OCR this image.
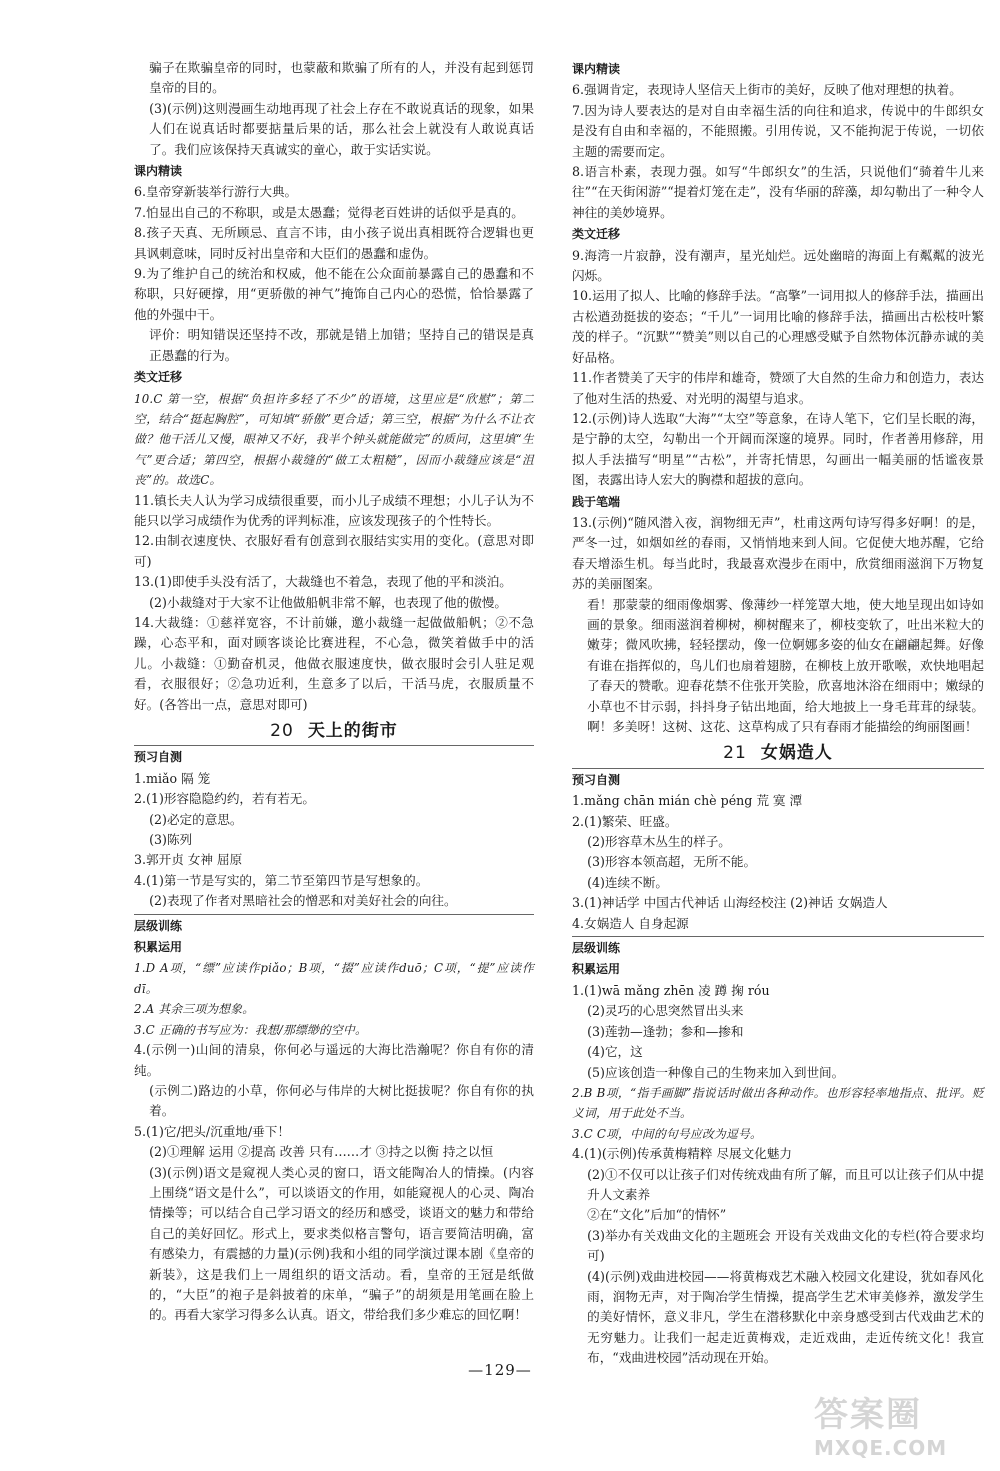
骗子在欺骗皇帝的同时，也蒙蔽和欺骗了所有的人，并没有起到惩罚皇帝的目的。

(3)(示例)这则漫画生动地再现了社会上存在不敢说真话的现象，如果人们在说真话时都要掂量后果的话，那么社会上就没有人敢说真话了。我们应该保持天真诚实的童心，敢于实话实说。

课内精读

6.皇帝穿新装举行游行大典。

7.怕显出自己的不称职，或是太愚蠢；觉得老百姓讲的话似乎是真的。

8.孩子天真、无所顾忌、直言不讳，由小孩子说出真相既符合逻辑也更具讽刺意味，同时反衬出皇帝和大臣们的愚蠢和虚伪。

9.为了维护自己的统治和权威，他不能在公众面前暴露自己的愚蠢和不称职，只好硬撑，用“更骄傲的神气”掩饰自己内心的恐慌，恰恰暴露了他的外强中干。

评价：明知错误还坚持不改，那就是错上加错；坚持自己的错误是真正愚蠢的行为。

类文迁移

10.C 第一空，根据“负担许多轻了不少”的语境，这里应是“欣慰”；第二空，结合“挺起胸腔”，可知填“骄傲”更合适；第三空，根据“为什么不让衣做？他干活儿又慢，眼神又不好，我半个钟头就能做完”的质问，这里填“生气”更合适；第四空，根据小裁缝的“做工太粗糙”，因而小裁缝应该是“沮丧”的。故选C。

11.镇长夫人认为学习成绩很重要，而小儿子成绩不理想；小儿子认为不能只以学习成绩作为优秀的评判标准，应该发现孩子的个性特长。

12.由制衣速度快、衣服好看有创意到衣服结实实用的变化。(意思对即可)

13.(1)即使手头没有活了，大裁缝也不着急，表现了他的平和淡泊。

(2)小裁缝对于大家不让他做船帆非常不解，也表现了他的傲慢。

14.大裁缝：①慈祥宽容，不计前嫌，邀小裁缝一起做做船帆；②不急躁，心态平和，面对顾客谈论比赛进程，不心急，微笑着做手中的活儿。小裁缝：①勤奋机灵，他做衣服速度快，做衣服时会引人驻足观看，衣服很好；②急功近利，生意多了以后，干活马虎，衣服质量不好。(各答出一点，意思对即可)

20 天上的街市
预习自测

1.miǎo 隔 笼

2.(1)形容隐隐约约，若有若无。

(2)必定的意思。

(3)陈列

3.郭开贞 女神 屈原

4.(1)第一节是写实的，第二节至第四节是写想象的。

(2)表现了作者对黑暗社会的憎恶和对美好社会的向往。

层级训练
积累运用

1.D A项，“缥”应读作piǎo；B项，“掇”应读作duō；C项，“提”应读作dī。

2.A 其余三项为想象。

3.C 正确的书写应为：我想/那缥缈的空中。

4.(示例一)山间的清泉，你何必与遥远的大海比浩瀚呢？你自有你的清纯。

(示例二)路边的小草，你何必与伟岸的大树比挺拔呢？你自有你的执着。

5.(1)它/把头/沉重地/垂下！

(2)①理解 运用 ②提高 改善 只有……才 ③持之以衡 持之以恒

(3)(示例)语文是窥视人类心灵的窗口，语文能陶冶人的情操。(内容上围绕“语文是什么”，可以谈语文的作用，如能窥视人的心灵、陶冶情操等；可以结合自己学习语文的经历和感受，谈语文的魅力和带给自己的美好回忆。形式上，要求类似格言警句，语言要简洁明确，富有感染力，有震撼的力量)(示例)我和小组的同学演过课本剧《皇帝的新装》，这是我们上一周组织的语文活动。看，皇帝的王冠是纸做的，“大臣”的袍子是斜披着的床单，“骗子”的胡须是用笔画在脸上的。再看大家学习得多么认真。语文，带给我们多少难忘的回忆啊！

课内精读

6.强调肯定，表现诗人坚信天上街市的美好，反映了他对理想的执着。

7.因为诗人要表达的是对自由幸福生活的向往和追求，传说中的牛郎织女是没有自由和幸福的，不能照搬。引用传说，又不能拘泥于传说，一切依主题的需要而定。

8.语言朴素，表现力强。如写“牛郎织女”的生活，只说他们“骑着牛儿来往”“在天街闲游”“提着灯笼在走”，没有华丽的辞藻，却勾勒出了一种令人神往的美妙境界。

类文迁移

9.海湾一片寂静，没有潮声，星光灿烂。远处幽暗的海面上有粼粼的波光闪烁。

10.运用了拟人、比喻的修辞手法。“高擎”一词用拟人的修辞手法，描画出古松遒劲挺拔的姿态；“千儿”一词用比喻的修辞手法，描画出古松枝叶繁茂的样子。“沉默”“赞美”则以自己的心理感受赋予自然物体沉静赤诚的美好品格。

11.作者赞美了天宇的伟岸和雄奇，赞颂了大自然的生命力和创造力，表达了他对生活的热爱、对光明的渴望与追求。

12.(示例)诗人选取“大海”“太空”等意象，在诗人笔下，它们呈长眠的海，是宁静的太空，勾勒出一个开阔而深邃的境界。同时，作者善用修辞，用拟人手法描写“明星”“古松”，并寄托情思，勾画出一幅美丽的恬谧夜景图，表露出诗人宏大的胸襟和超拔的意向。

践于笔端

13.(示例)“随风潜入夜，润物细无声”，杜甫这两句诗写得多好啊！的是，严冬一过，如烟如丝的春雨，又悄悄地来到人间。它促使大地苏醒，它给春天增添生机。每当此时，我最喜欢漫步在雨中，欣赏细雨滋润下万物复苏的美丽图案。

看！那蒙蒙的细雨像烟雾、像薄纱一样笼罩大地，使大地呈现出如诗如画的景象。细雨滋润着柳树，柳树醒来了，柳枝变软了，吐出米粒大的嫩芽；微风吹拂，轻轻摆动，像一位婀娜多姿的仙女在翩翩起舞。好像有谁在指挥似的，鸟儿们也扇着翅膀，在柳枝上放开歌喉，欢快地唱起了春天的赞歌。迎春花禁不住张开笑脸，欣喜地沐浴在细雨中；嫩绿的小草也不甘示弱，抖抖身子钻出地面，给大地披上一身毛茸茸的绿装。啊！多美呀！这树、这花、这草构成了只有春雨才能描绘的绚丽图画！

21 女娲造人
预习自测

1.mǎng chān mián chè péng 荒 寞 潭

2.(1)繁荣、旺盛。

(2)形容草木丛生的样子。

(3)形容本领高超，无所不能。

(4)连续不断。

3.(1)神话学 中国古代神话 山海经校注 (2)神话 女娲造人

4.女娲造人 自身起源

层级训练
积累运用

1.(1)wā mǎng zhēn 凌 蹲 掬 róu

(2)灵巧的心思突然冒出头来

(3)莲勃—逢勃；参和—掺和

(4)它，这

(5)应该创造一种像自己的生物来加入到世间。

2.B B项，“指手画脚”指说话时做出各种动作。也形容轻率地指点、批评。贬义词，用于此处不当。

3.C C项，中间的句号应改为逗号。

4.(1)(示例)传承黄梅精粹 尽展文化魅力

(2)①不仅可以让孩子们对传统戏曲有所了解，而且可以让孩子们从中提升人文素养

②在“文化”后加“的情怀”

(3)举办有关戏曲文化的主题班会 开设有关戏曲文化的专栏(符合要求均可)

(4)(示例)戏曲进校园——将黄梅戏艺术融入校园文化建设，犹如春风化雨，润物无声，对于陶冶学生情操，提高学生艺术审美修养，激发学生的美好情怀，意义非凡，学生在潜移默化中亲身感受到古代戏曲艺术的无穷魅力。让我们一起走近黄梅戏，走近戏曲，走近传统文化！我宣布，“戏曲进校园”活动现在开始。

—129—
答案圈
MXQE.COM
